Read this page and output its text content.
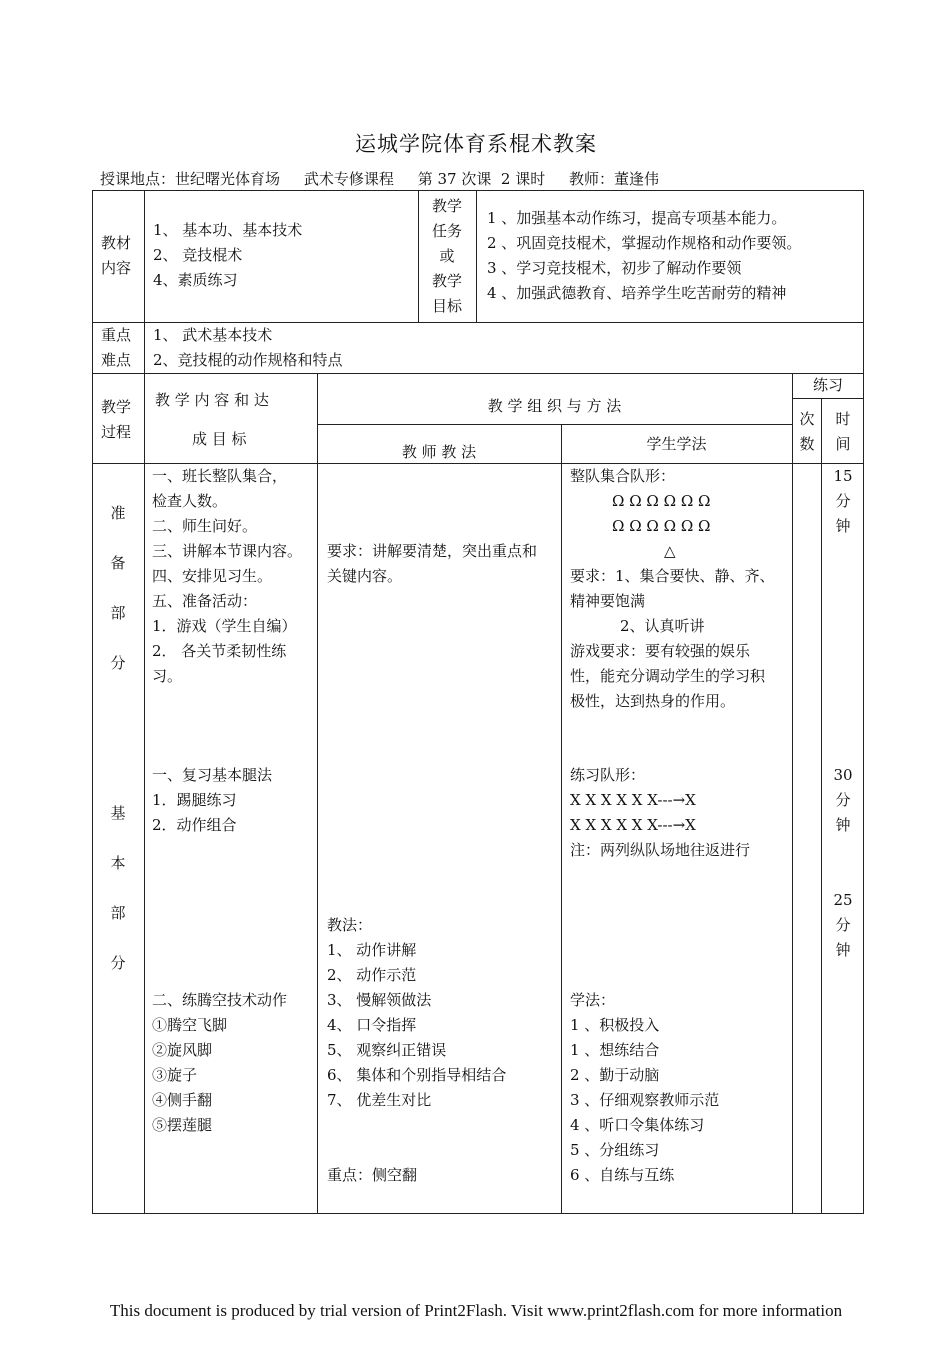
运城学院体育系棍术教案
授课地点：世纪曙光体育场 武术专修课程 第 37 次课  2 课时 教师：董逢伟
教材
内容
1、 基本功、基本技术
2、 竞技棍术
4、素质练习
教学
任务
或
教学
目标
1 、加强基本动作练习，提高专项基本能力。
2 、巩固竞技棍术，掌握动作规格和动作要领。
3 、学习竞技棍术，初步了解动作要领
4 、加强武德教育、培养学生吃苦耐劳的精神
重点
难点
1、 武术基本技术
2、竞技棍的动作规格和特点
教学
过程
教 学 内 容 和 达
成 目 标
教 学 组 织 与 方 法
教 师 教 法	学生学法
练习
次
数
时
间
准
备
部
分
一、班长整队集合，
检查人数。
二、师生问好。
三、讲解本节课内容。
四、安排见习生。
五、准备活动：
1．游戏（学生自编）
2． 各关节柔韧性练
习。
要求：讲解要清楚，突出重点和
关键内容。
整队集合队形：
Ω Ω Ω Ω Ω Ω
Ω Ω Ω Ω Ω Ω
△
要求：1、集合要快、静、齐、
精神要饱满
2、认真听讲
游戏要求：要有较强的娱乐
性，能充分调动学生的学习积
极性，达到热身的作用。
15
分
钟
基
本
部
分
一、复习基本腿法
1．踢腿练习
2．动作组合
二、练腾空技术动作
①腾空飞脚
②旋风脚
③旋子
④侧手翻
⑤摆莲腿
教法：
1、 动作讲解
2、 动作示范
3、 慢解领做法
4、 口令指挥
5、 观察纠正错误
6、 集体和个别指导相结合
7、 优差生对比
重点：侧空翻
练习队形：
X X X X X X---→X
X X X X X X---→X
注：两列纵队场地往返进行
学法：
1 、积极投入
1 、想练结合
2 、勤于动脑
3 、仔细观察教师示范
4 、听口令集体练习
5 、分组练习
6 、自练与互练
30
分
钟
25
分
钟
This document is produced by trial version of Print2Flash. Visit www.print2flash.com for more information
